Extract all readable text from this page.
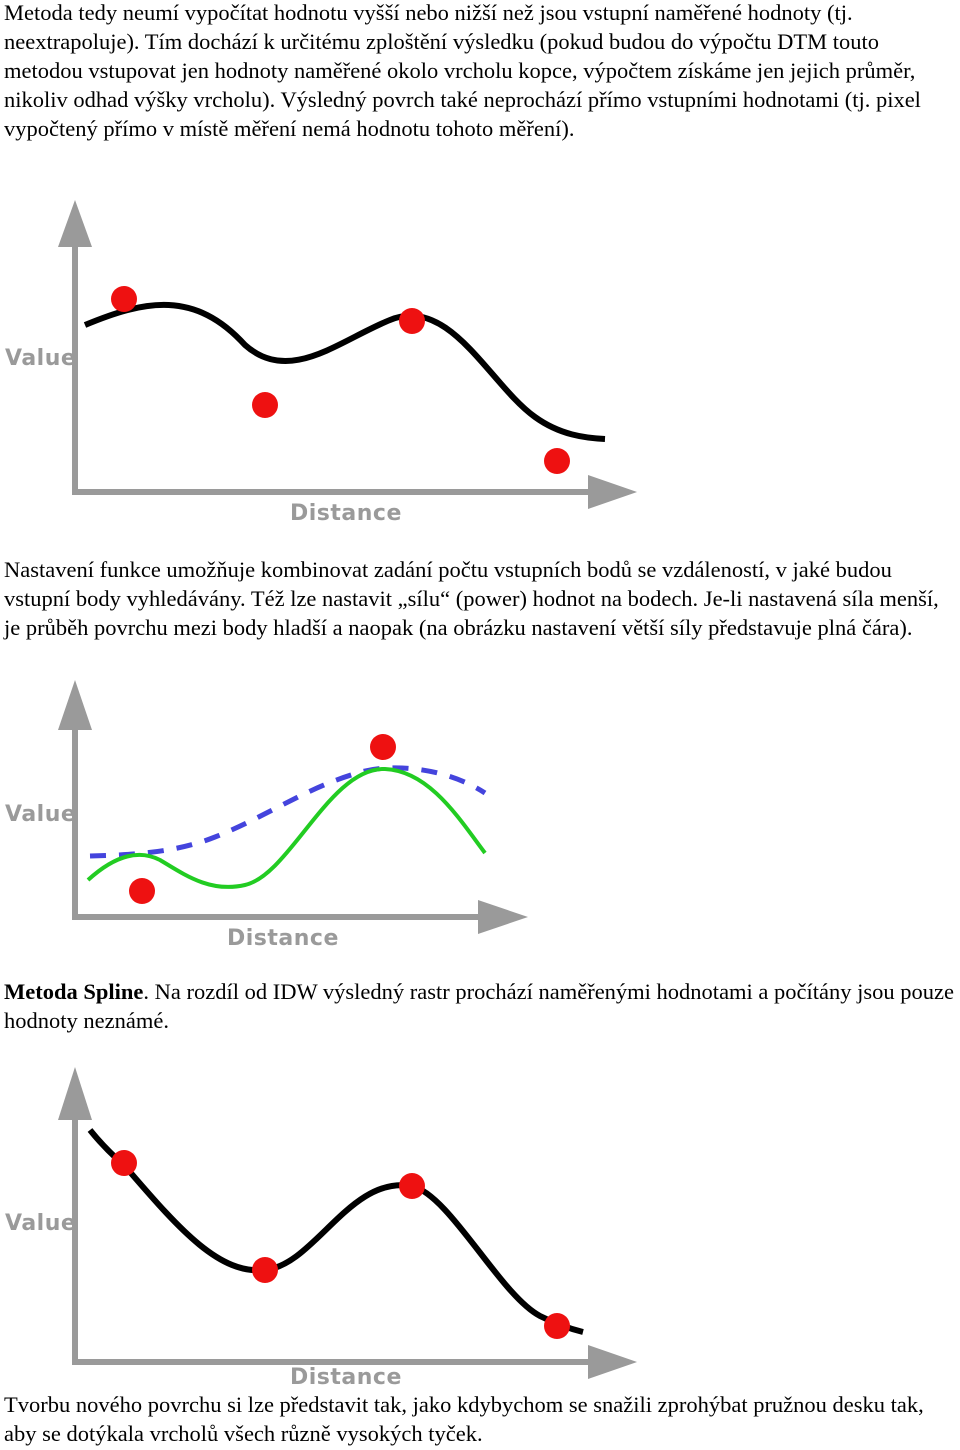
Metoda tedy neumí vypočítat hodnotu vyšší nebo nižší než jsou vstupní naměřené hodnoty (tj. neextrapoluje). Tím dochází k určitému zploštění výsledku (pokud budou do výpočtu DTM touto metodou vstupovat jen hodnoty naměřené okolo vrcholu kopce, výpočtem získáme jen jejich průměr, nikoliv odhad výšky vrcholu). Výsledný povrch také neprochází přímo vstupními hodnotami (tj. pixel vypočtený přímo v místě měření nemá hodnotu tohoto měření).

Value
Distance

Nastavení funkce umožňuje kombinovat zadání počtu vstupních bodů se vzdáleností, v jaké budou vstupní body vyhledávány. Též lze nastavit „sílu“ (power) hodnot na bodech. Je-li nastavená síla menší, je průběh povrchu mezi body hladší a naopak (na obrázku nastavení větší síly představuje plná čára).

Value
Distance

Metoda Spline. Na rozdíl od IDW výsledný rastr prochází naměřenými hodnotami a počítány jsou pouze hodnoty neznámé.

Value
Distance

Tvorbu nového povrchu si lze představit tak, jako kdybychom se snažili zprohýbat pružnou desku tak, aby se dotýkala vrcholů všech různě vysokých tyček.
